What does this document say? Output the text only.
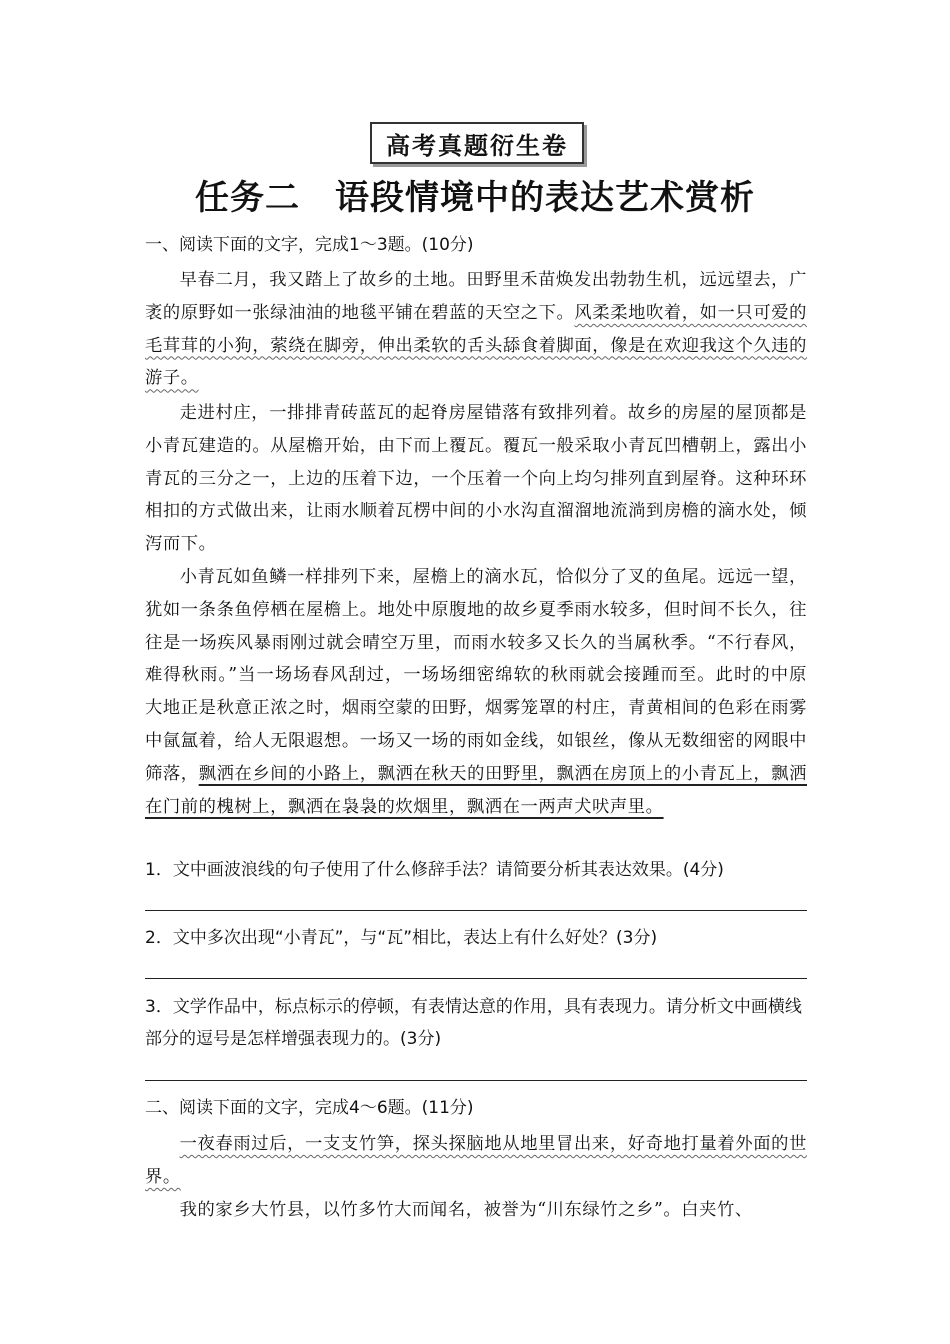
高考真题衍生卷
任务二　语段情境中的表达艺术赏析
一、阅读下面的文字，完成1～3题。(10分)
早春二月，我又踏上了故乡的土地。田野里禾苗焕发出勃勃生机，远远望去，广袤的原野如一张绿油油的地毯平铺在碧蓝的天空之下。风柔柔地吹着，如一只可爱的毛茸茸的小狗，萦绕在脚旁，伸出柔软的舌头舔食着脚面，像是在欢迎我这个久违的游子。
走进村庄，一排排青砖蓝瓦的起脊房屋错落有致排列着。故乡的房屋的屋顶都是小青瓦建造的。从屋檐开始，由下而上覆瓦。覆瓦一般采取小青瓦凹槽朝上，露出小青瓦的三分之一，上边的压着下边，一个压着一个向上均匀排列直到屋脊。这种环环相扣的方式做出来，让雨水顺着瓦楞中间的小水沟直溜溜地流淌到房檐的滴水处，倾泻而下。
小青瓦如鱼鳞一样排列下来，屋檐上的滴水瓦，恰似分了叉的鱼尾。远远一望，犹如一条条鱼停栖在屋檐上。地处中原腹地的故乡夏季雨水较多，但时间不长久，往往是一场疾风暴雨刚过就会晴空万里，而雨水较多又长久的当属秋季。“不行春风，难得秋雨。”当一场场春风刮过，一场场细密绵软的秋雨就会接踵而至。此时的中原大地正是秋意正浓之时，烟雨空蒙的田野，烟雾笼罩的村庄，青黄相间的色彩在雨雾中氤氲着，给人无限遐想。一场又一场的雨如金线，如银丝，像从无数细密的网眼中筛落，飘洒在乡间的小路上，飘洒在秋天的田野里，飘洒在房顶上的小青瓦上，飘洒在门前的槐树上，飘洒在袅袅的炊烟里，飘洒在一两声犬吠声里。
1．文中画波浪线的句子使用了什么修辞手法？请简要分析其表达效果。(4分)
2．文中多次出现“小青瓦”，与“瓦”相比，表达上有什么好处？(3分)
3．文学作品中，标点标示的停顿，有表情达意的作用，具有表现力。请分析文中画横线部分的逗号是怎样增强表现力的。(3分)
二、阅读下面的文字，完成4～6题。(11分)
一夜春雨过后，一支支竹笋，探头探脑地从地里冒出来，好奇地打量着外面的世界。
我的家乡大竹县，以竹多竹大而闻名，被誉为“川东绿竹之乡”。白夹竹、
